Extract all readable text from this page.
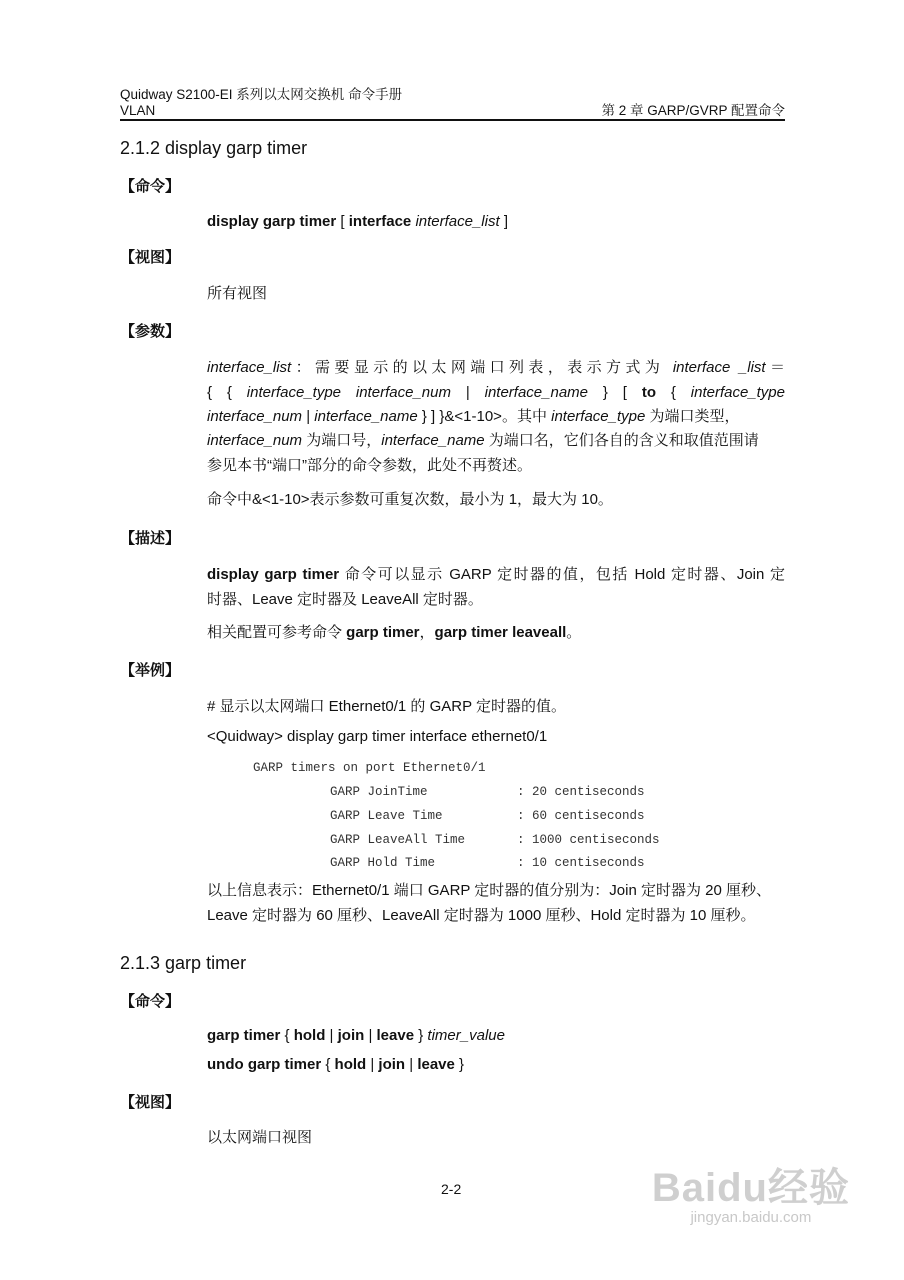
Quidway S2100-EI 系列以太网交换机 命令手册
VLAN	第 2 章 GARP/GVRP 配置命令
2.1.2 display garp timer
【命令】
display garp timer [ interface interface_list ]
【视图】
所有视图
【参数】
interface_list：需要显示的以太网端口列表，表示方式为 interface _list＝
{ { interface_type interface_num | interface_name } [ to { interface_type
interface_num | interface_name } ] }&<1-10>。其中 interface_type 为端口类型，
interface_num 为端口号，interface_name 为端口名，它们各自的含义和取值范围请
参见本书“端口”部分的命令参数，此处不再赘述。
命令中&<1-10>表示参数可重复次数，最小为 1，最大为 10。
【描述】
display garp timer 命令可以显示 GARP 定时器的值，包括 Hold 定时器、Join 定
时器、Leave 定时器及 LeaveAll 定时器。
相关配置可参考命令 garp timer，garp timer leaveall。
【举例】
# 显示以太网端口 Ethernet0/1 的 GARP 定时器的值。
<Quidway> display garp timer interface ethernet0/1
GARP timers on port Ethernet0/1
GARP JoinTime	: 20 centiseconds
GARP Leave Time	: 60 centiseconds
GARP LeaveAll Time	: 1000 centiseconds
GARP Hold Time	: 10 centiseconds
以上信息表示：Ethernet0/1 端口 GARP 定时器的值分别为：Join 定时器为 20 厘秒、
Leave 定时器为 60 厘秒、LeaveAll 定时器为 1000 厘秒、Hold 定时器为 10 厘秒。
2.1.3 garp timer
【命令】
garp timer { hold | join | leave } timer_value
undo garp timer { hold | join | leave }
【视图】
以太网端口视图
2-2	Baidu经验
jingyan.baidu.com
